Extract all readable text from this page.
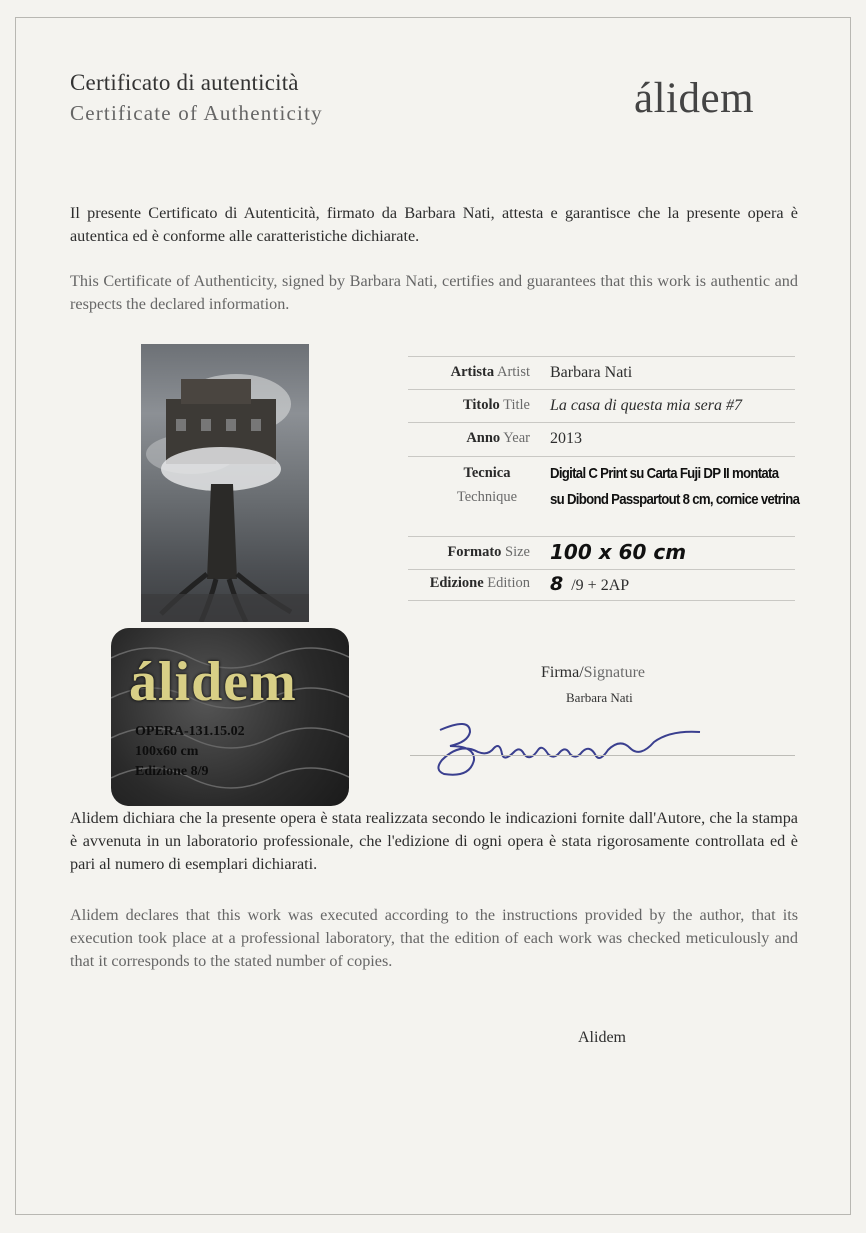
Certificato di autenticità
Certificate of Authenticity	álidem
Il presente Certificato di Autenticità, firmato da Barbara Nati, attesta e garantisce che la presente opera è autentica ed è conforme alle caratteristiche dichiarate.
This Certificate of Authenticity, signed by Barbara Nati, certifies and guarantees that this work is authentic and respects the declared information.
álidem
OPERA-131.15.02
100x60 cm
Edizione 8/9
Artista Artist Barbara Nati
Titolo Title La casa di questa mia sera #7
Anno Year 2013
Tecnica
Technique
Digital C Print su Carta Fuji DP II montata
su Dibond Passpartout 8 cm, cornice vetrina
Formato Size 100 x 60 cm
Edizione Edition 8 /9 + 2AP
Firma/Signature
Barbara Nati
Alidem dichiara che la presente opera è stata realizzata secondo le indicazioni fornite dall'Autore, che la stampa è avvenuta in un laboratorio professionale, che l'edizione di ogni opera è stata rigorosamente controllata ed è pari al numero di esemplari dichiarati.
Alidem declares that this work was executed according to the instructions provided by the author, that its execution took place at a professional laboratory, that the edition of each work was checked meticulously and that it corresponds to the stated number of copies.
Alidem
